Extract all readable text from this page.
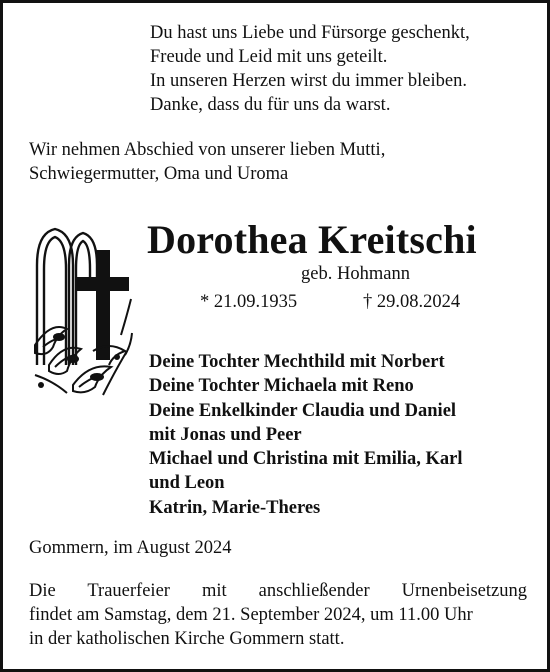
Du hast uns Liebe und Fürsorge geschenkt,
Freude und Leid mit uns geteilt.
In unseren Herzen wirst du immer bleiben.
Danke, dass du für uns da warst.
Wir nehmen Abschied von unserer lieben Mutti,
Schwiegermutter, Oma und Uroma
Dorothea Kreitschi
geb. Hohmann
* 21.09.1935	† 29.08.2024
Deine Tochter Mechthild mit Norbert
Deine Tochter Michaela mit Reno
Deine Enkelkinder Claudia und Daniel
mit Jonas und Peer
Michael und Christina mit Emilia, Karl
und Leon
Katrin, Marie-Theres
Gommern, im August 2024
Die Trauerfeier mit anschließender Urnenbeisetzung
findet am Samstag, dem 21. September 2024, um 11.00 Uhr
in der katholischen Kirche Gommern statt.
